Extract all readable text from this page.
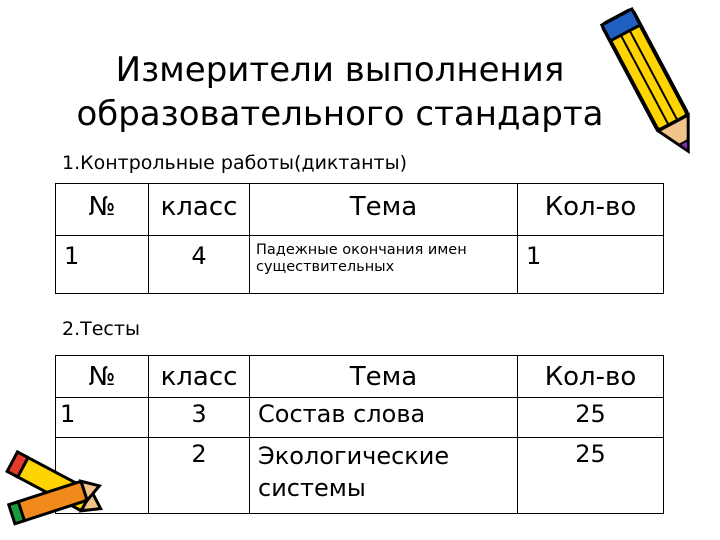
Измерители выполнения
образовательного стандарта
1.Контрольные работы(диктанты)
№	класс	Тема	Кол-во
1	4	Падежные окончания имен существительных	1
2.Тесты
№	класс	Тема	Кол-во
1	3	Состав слова	25
	2	Экологические системы	25
